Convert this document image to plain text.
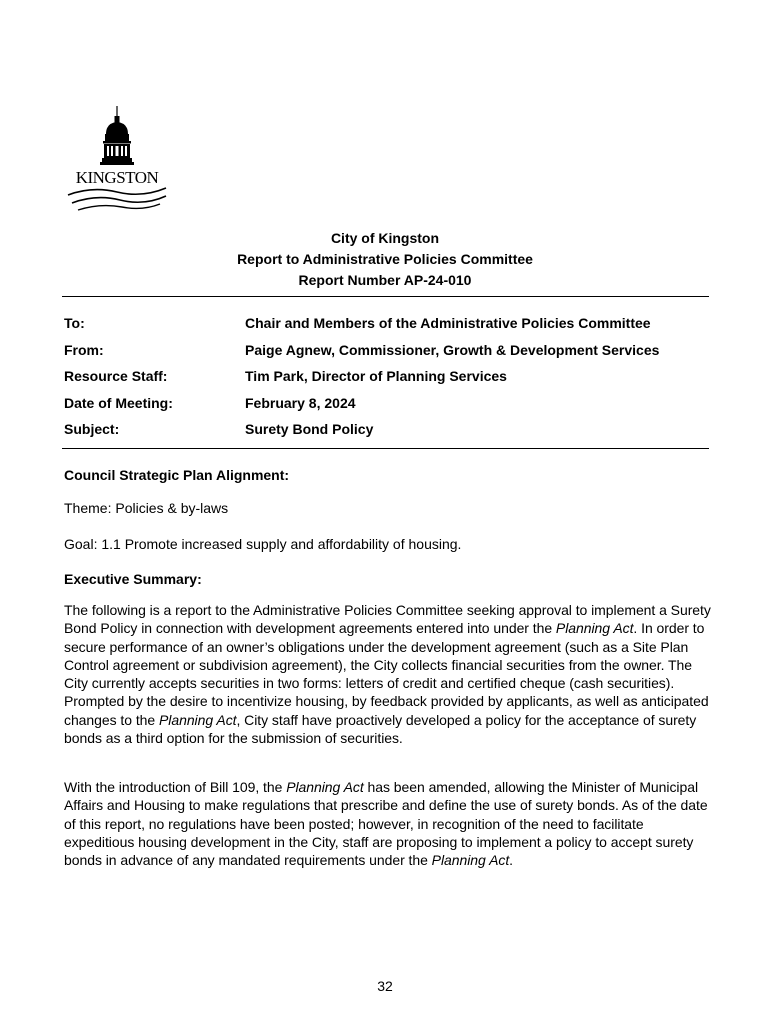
KINGSTON
City of Kingston
Report to Administrative Policies Committee
Report Number AP-24-010
To:	Chair and Members of the Administrative Policies Committee
From:	Paige Agnew, Commissioner, Growth & Development Services
Resource Staff:	Tim Park, Director of Planning Services
Date of Meeting:	February 8, 2024
Subject:	Surety Bond Policy
Council Strategic Plan Alignment:
Theme: Policies & by-laws
Goal: 1.1 Promote increased supply and affordability of housing.
Executive Summary:
The following is a report to the Administrative Policies Committee seeking approval to implement a Surety Bond Policy in connection with development agreements entered into under the Planning Act. In order to secure performance of an owner’s obligations under the development agreement (such as a Site Plan Control agreement or subdivision agreement), the City collects financial securities from the owner. The City currently accepts securities in two forms: letters of credit and certified cheque (cash securities). Prompted by the desire to incentivize housing, by feedback provided by applicants, as well as anticipated changes to the Planning Act, City staff have proactively developed a policy for the acceptance of surety bonds as a third option for the submission of securities.
With the introduction of Bill 109, the Planning Act has been amended, allowing the Minister of Municipal Affairs and Housing to make regulations that prescribe and define the use of surety bonds. As of the date of this report, no regulations have been posted; however, in recognition of the need to facilitate expeditious housing development in the City, staff are proposing to implement a policy to accept surety bonds in advance of any mandated requirements under the Planning Act.
32
